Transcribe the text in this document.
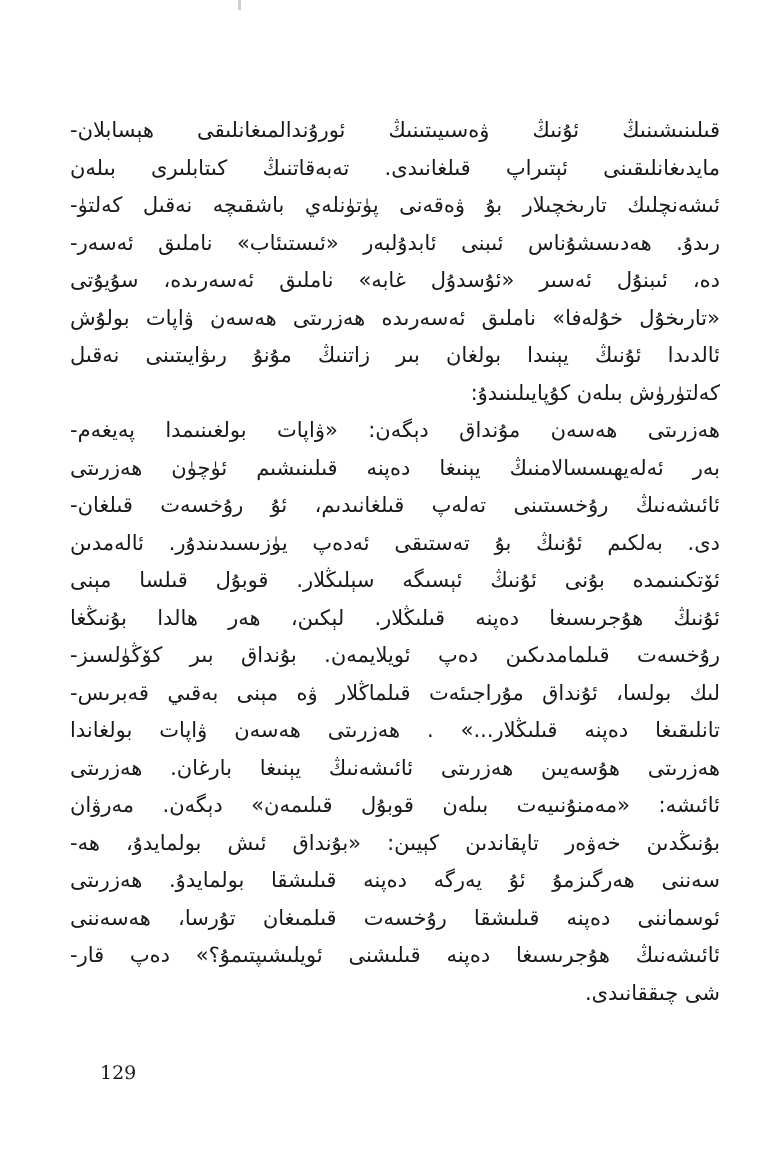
قىلىنىشىنىڭ ئۇنىڭ ۋەسىيىتىنىڭ ئورۇندالمىغانلىقى ھېسابلان-
مايدىغانلىقىنى ئېتىراپ قىلغانىدى. تەبەقاتنىڭ كىتابلىرى بىلەن
ئىشەنچلىك تارىخچىلار بۇ ۋەقەنى پۈتۈنلەي باشقىچە نەقىل كەلتۈ-
رىدۇ. ھەدىسشۇناس ئىبنى ئابدۇلبەر «ئىستىئاب» ناملىق ئەسەر-
دە، ئىبنۇل ئەسىر «ئۇسدۇل غابە» ناملىق ئەسەرىدە، سۇيۇتى
«تارىخۇل خۇلەفا» ناملىق ئەسەرىدە ھەزرىتى ھەسەن ۋاپات بولۇش
ئالدىدا ئۇنىڭ يېنىدا بولغان بىر زاتنىڭ مۇنۇ رىۋايىتىنى نەقىل
كەلتۈرۈش بىلەن كۇپايىلىنىدۇ:
ھەزرىتى ھەسەن مۇنداق دېگەن: «ۋاپات بولغىنىمدا پەيغەم-
بەر ئەلەيھىسسالامنىڭ يېنىغا دەپنە قىلىنىشىم ئۈچۈن ھەزرىتى
ئائىشەنىڭ رۇخسىتىنى تەلەپ قىلغانىدىم، ئۇ رۇخسەت قىلغان-
دى. بەلكىم ئۇنىڭ بۇ تەستىقى ئەدەپ يۈزىسىدىندۇر. ئالەمدىن
ئۆتكىنىمدە بۇنى ئۇنىڭ ئېسىگە سېلىڭلار. قوبۇل قىلسا مېنى
ئۇنىڭ ھۇجرىسىغا دەپنە قىلىڭلار. لېكىن، ھەر ھالدا بۇنىڭغا
رۇخسەت قىلمامدىكىن دەپ ئويلايمەن. بۇنداق بىر كۆڭۈلسىز-
لىك بولسا، ئۇنداق مۇراجىئەت قىلماڭلار ۋە مېنى بەقىي قەبرىس-
تانلىقىغا دەپنە قىلىڭلار...» . ھەزرىتى ھەسەن ۋاپات بولغاندا
ھەزرىتى ھۇسەيىن ھەزرىتى ئائىشەنىڭ يېنىغا بارغان. ھەزرىتى
ئائىشە: «مەمنۇنىيەت بىلەن قوبۇل قىلىمەن» دېگەن. مەرۋان
بۇنىڭدىن خەۋەر تاپقاندىن كېيىن: «بۇنداق ئىش بولمايدۇ، ھە-
سەننى ھەرگىزمۇ ئۇ يەرگە دەپنە قىلىشقا بولمايدۇ. ھەزرىتى
ئوسماننى دەپنە قىلىشقا رۇخسەت قىلمىغان تۇرسا، ھەسەننى
ئائىشەنىڭ ھۇجرىسىغا دەپنە قىلىشنى ئويلىشىپتىمۇ؟» دەپ قار-
شى چىققانىدى.
129
